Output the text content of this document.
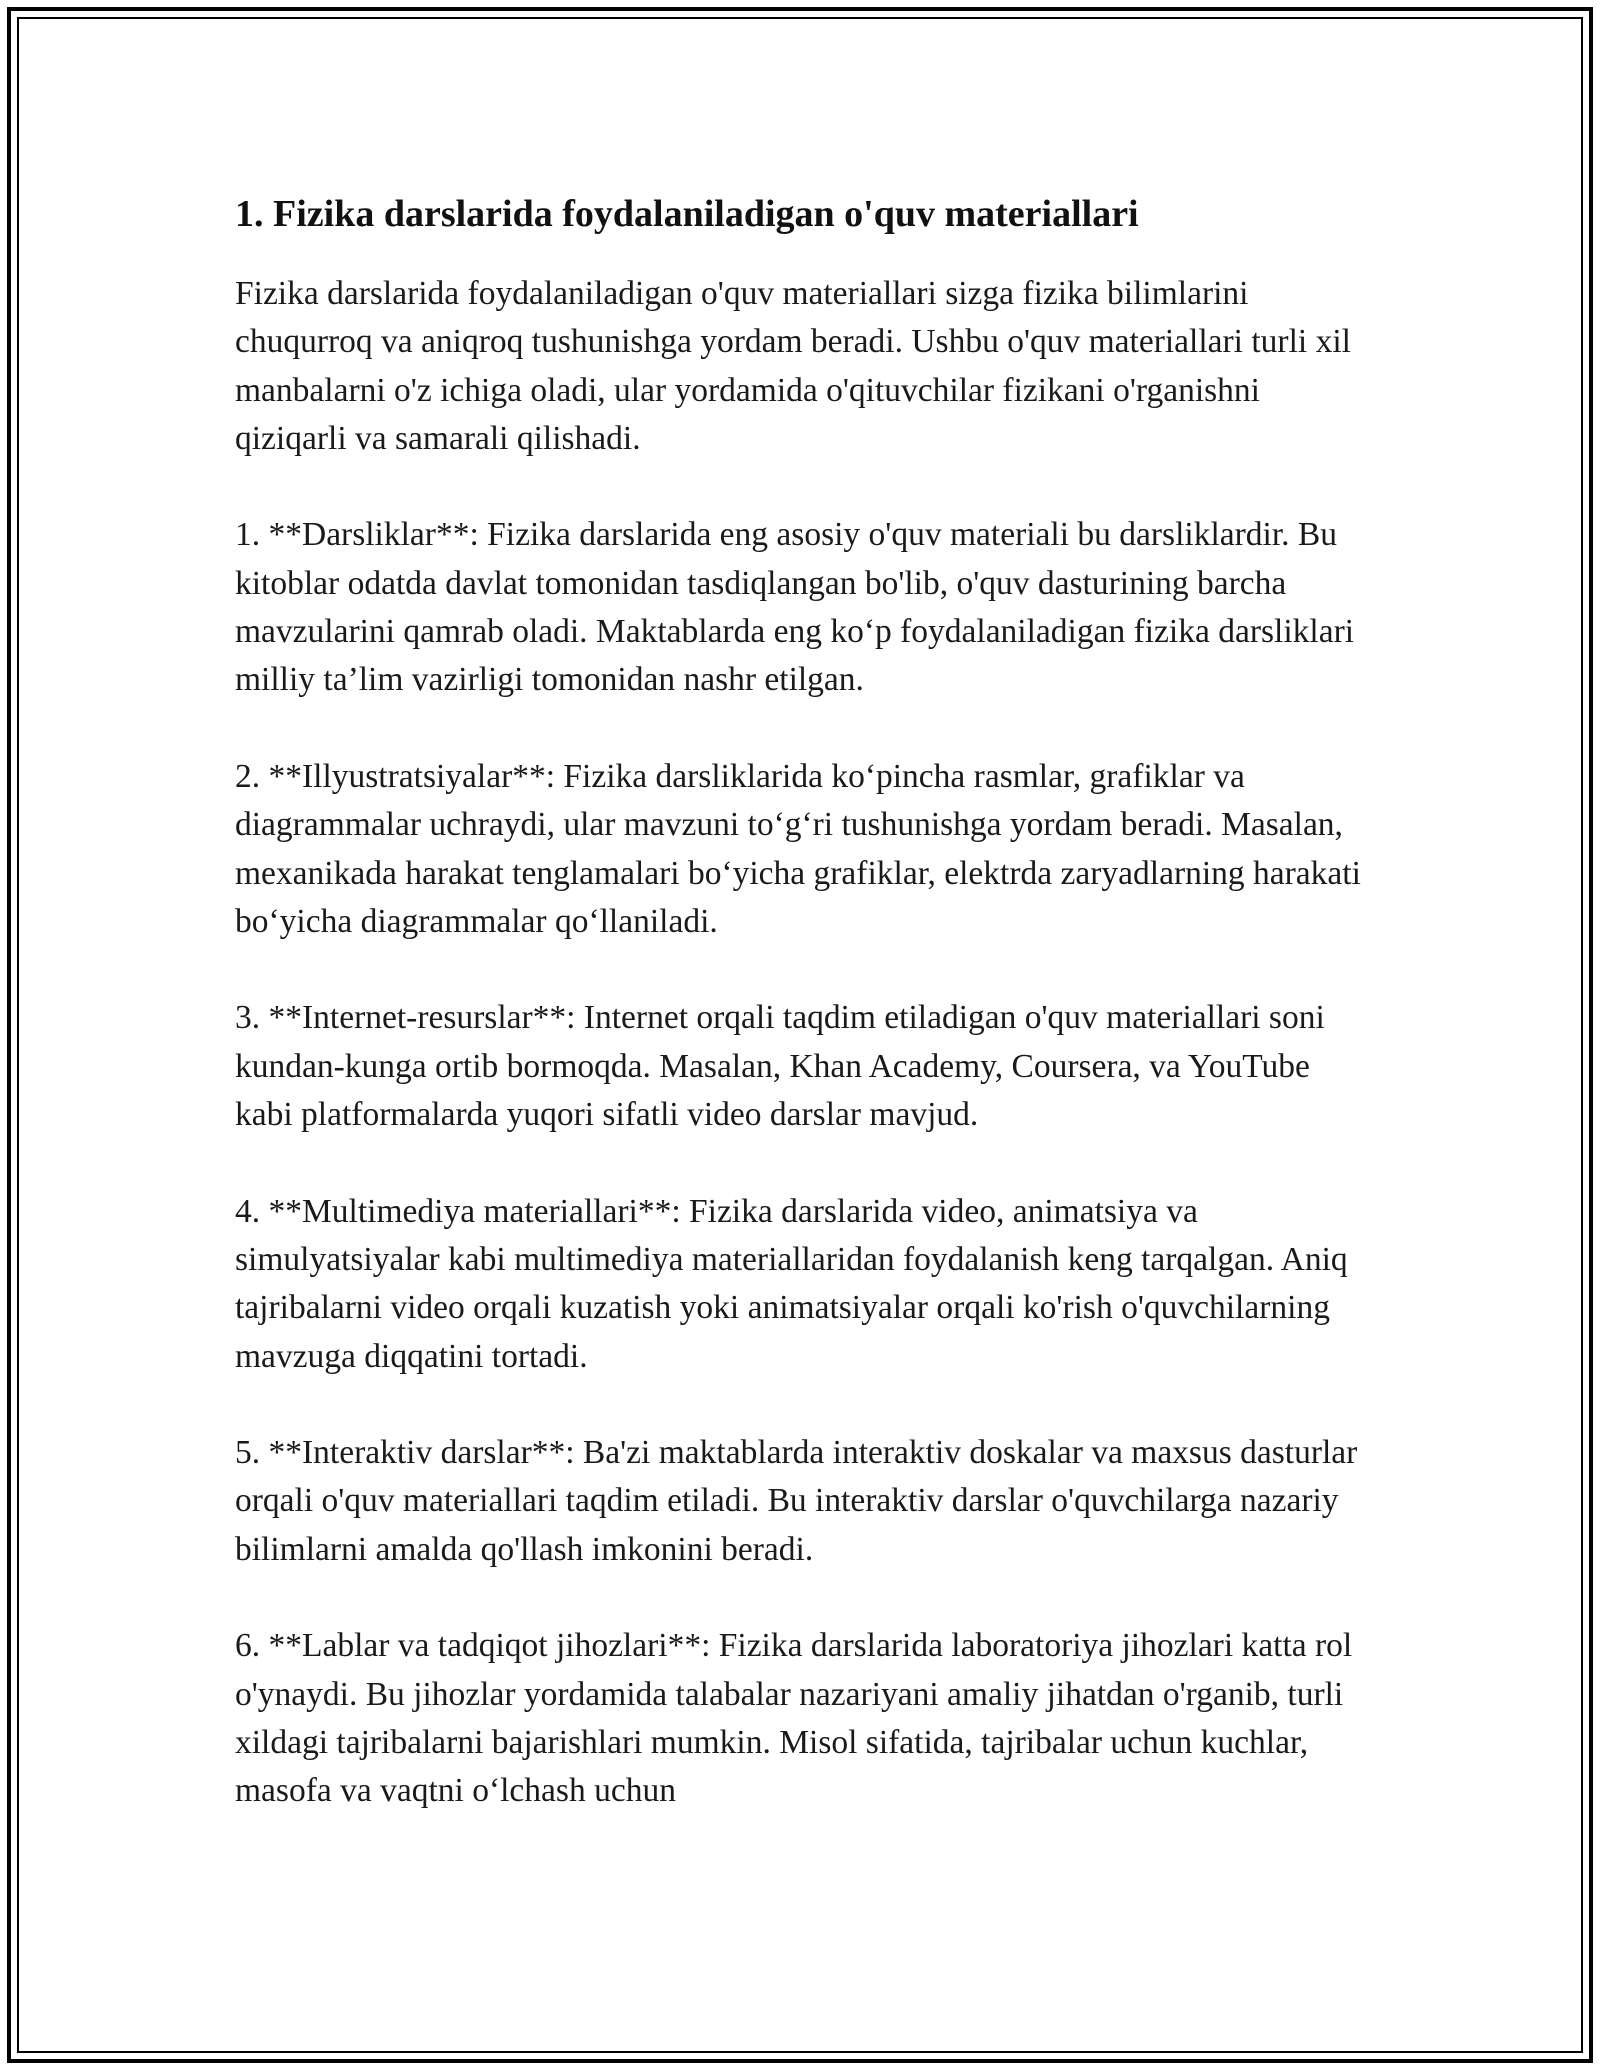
1. Fizika darslarida foydalaniladigan o'quv materiallari

Fizika darslarida foydalaniladigan o'quv materiallari sizga fizika bilimlarini chuqurroq va aniqroq tushunishga yordam beradi. Ushbu o'quv materiallari turli xil manbalarni o'z ichiga oladi, ular yordamida o'qituvchilar fizikani o'rganishni qiziqarli va samarali qilishadi.

1. **Darsliklar**: Fizika darslarida eng asosiy o'quv materiali bu darsliklardir. Bu kitoblar odatda davlat tomonidan tasdiqlangan bo'lib, o'quv dasturining barcha mavzularini qamrab oladi. Maktablarda eng ko‘p foydalaniladigan fizika darsliklari milliy ta’lim vazirligi tomonidan nashr etilgan.

2. **Illyustratsiyalar**: Fizika darsliklarida ko‘pincha rasmlar, grafiklar va diagrammalar uchraydi, ular mavzuni to‘g‘ri tushunishga yordam beradi. Masalan, mexanikada harakat tenglamalari bo‘yicha grafiklar, elektrda zaryadlarning harakati bo‘yicha diagrammalar qo‘llaniladi.

3. **Internet-resurslar**: Internet orqali taqdim etiladigan o'quv materiallari soni kundan-kunga ortib bormoqda. Masalan, Khan Academy, Coursera, va YouTube kabi platformalarda yuqori sifatli video darslar mavjud.

4. **Multimediya materiallari**: Fizika darslarida video, animatsiya va simulyatsiyalar kabi multimediya materiallaridan foydalanish keng tarqalgan. Aniq tajribalarni video orqali kuzatish yoki animatsiyalar orqali ko'rish o'quvchilarning mavzuga diqqatini tortadi.

5. **Interaktiv darslar**: Ba'zi maktablarda interaktiv doskalar va maxsus dasturlar orqali o'quv materiallari taqdim etiladi. Bu interaktiv darslar o'quvchilarga nazariy bilimlarni amalda qo'llash imkonini beradi.

6. **Lablar va tadqiqot jihozlari**: Fizika darslarida laboratoriya jihozlari katta rol o'ynaydi. Bu jihozlar yordamida talabalar nazariyani amaliy jihatdan o'rganib, turli xildagi tajribalarni bajarishlari mumkin. Misol sifatida, tajribalar uchun kuchlar, masofa va vaqtni o‘lchash uchun
